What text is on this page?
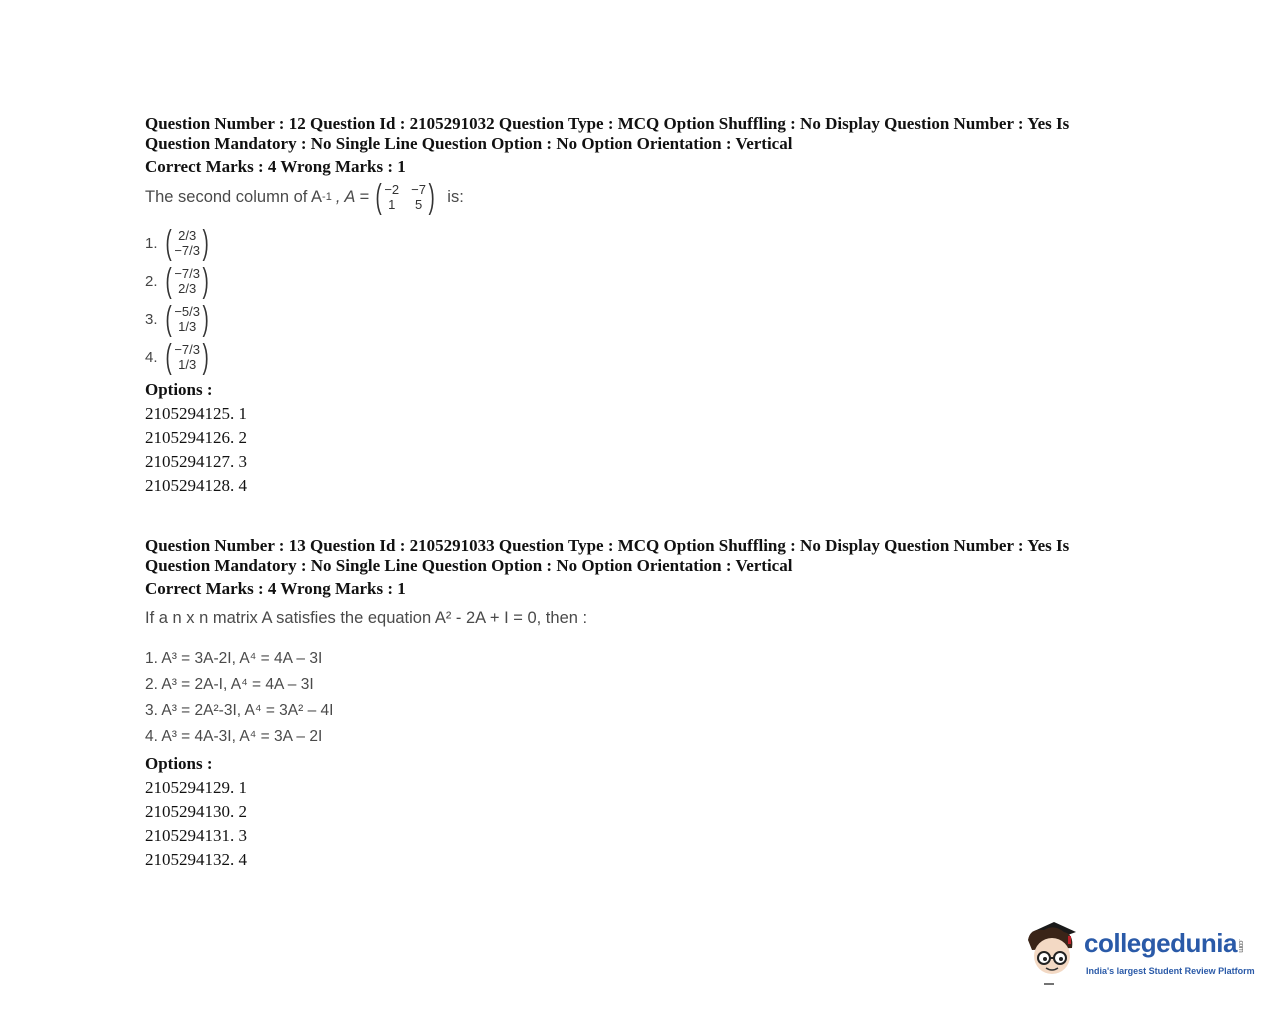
Question Number : 12 Question Id : 2105291032 Question Type : MCQ Option Shuffling : No Display Question Number : Yes Is
Question Mandatory : No Single Line Question Option : No Option Orientation : Vertical
Correct Marks : 4 Wrong Marks : 1
The second column of A -1 , A = ( −2 −7
1 5 ) is:
1. ( 2/3
−7/3 )
2. ( −7/3
2/3 )
3. ( −5/3
1/3 )
4. ( −7/3
1/3 )
Options :
2105294125. 1
2105294126. 2
2105294127. 3
2105294128. 4
Question Number : 13 Question Id : 2105291033 Question Type : MCQ Option Shuffling : No Display Question Number : Yes Is
Question Mandatory : No Single Line Question Option : No Option Orientation : Vertical
Correct Marks : 4 Wrong Marks : 1
If a n x n matrix A satisfies the equation A² - 2A + I = 0, then :
1. A³ = 3A-2I, A⁴ = 4A – 3I
2. A³ = 2A-I, A⁴ = 4A – 3I
3. A³ = 2A²-3I, A⁴ = 3A² – 4I
4. A³ = 4A-3I, A⁴ = 3A – 2I
Options :
2105294129. 1
2105294130. 2
2105294131. 3
2105294132. 4
collegedunia.com
India's largest Student Review Platform
